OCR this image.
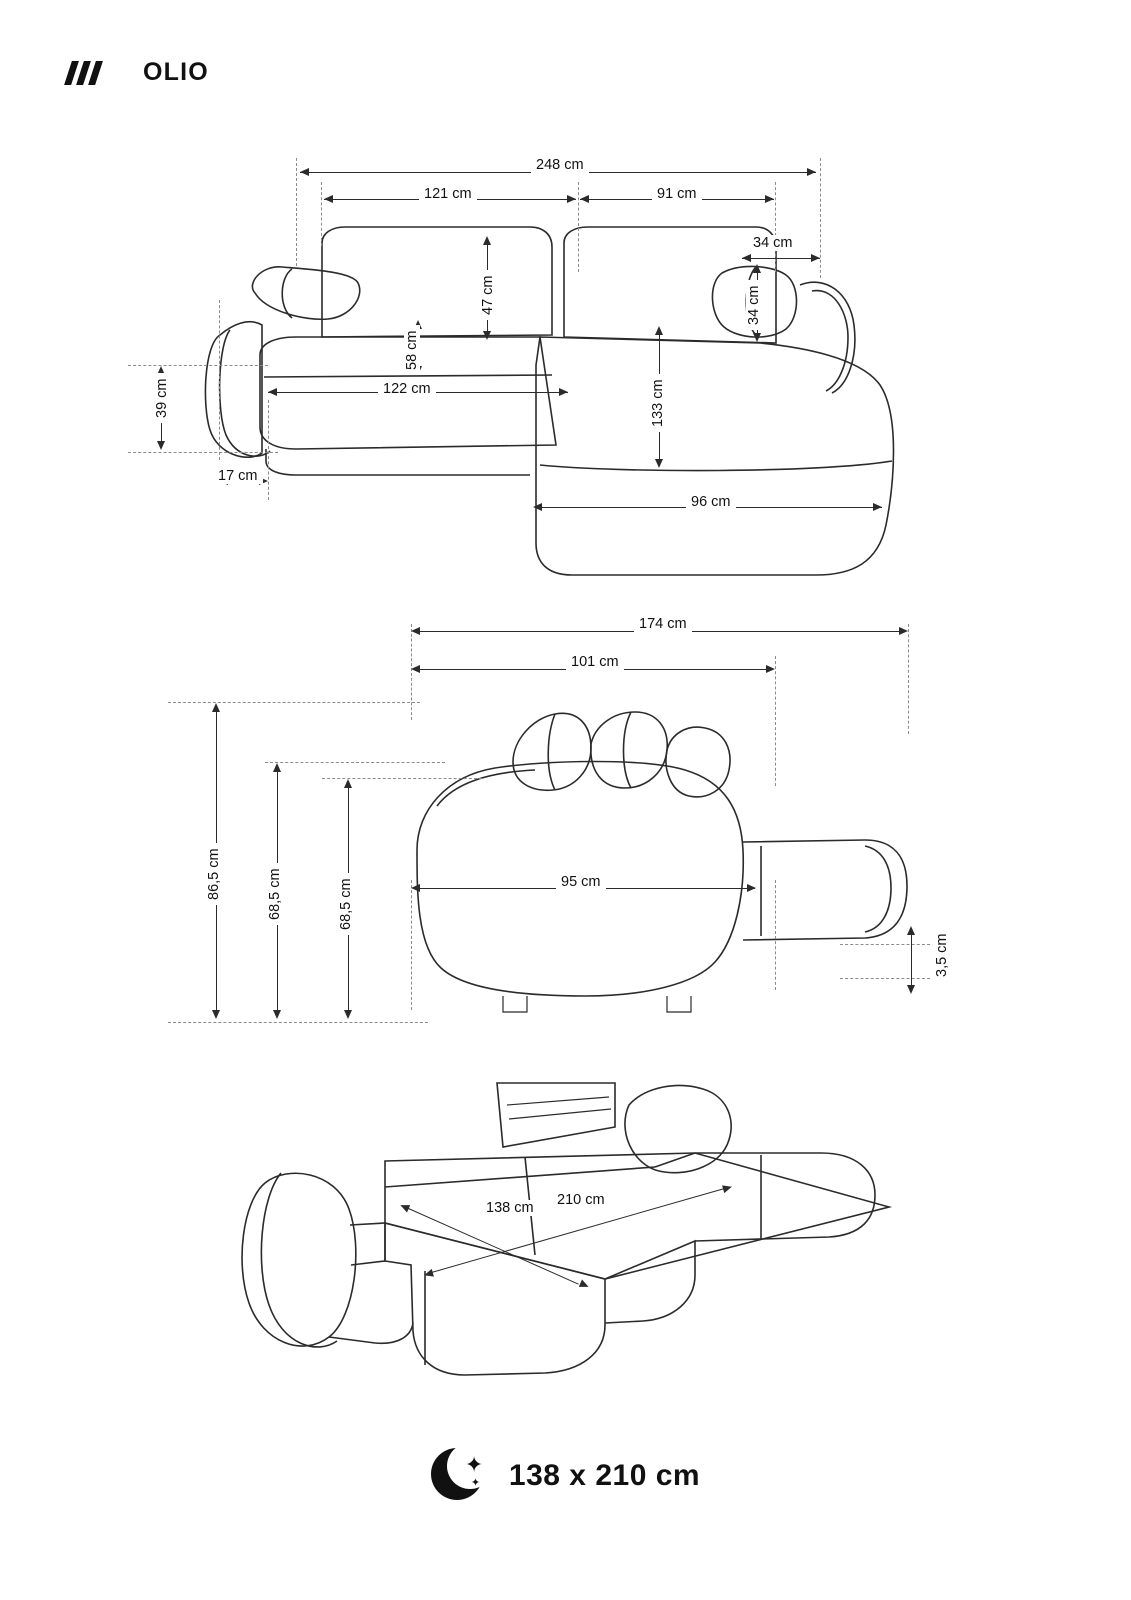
OLIO
248 cm
121 cm	91 cm
34 cm
47 cm
58 cm
34 cm
133 cm
122 cm
39 cm
17 cm
96 cm
174 cm
101 cm
86,5 cm	68,5 cm	68,5 cm	95 cm
3,5 cm
138 cm	210 cm
✦
✦ 138 x 210 cm
